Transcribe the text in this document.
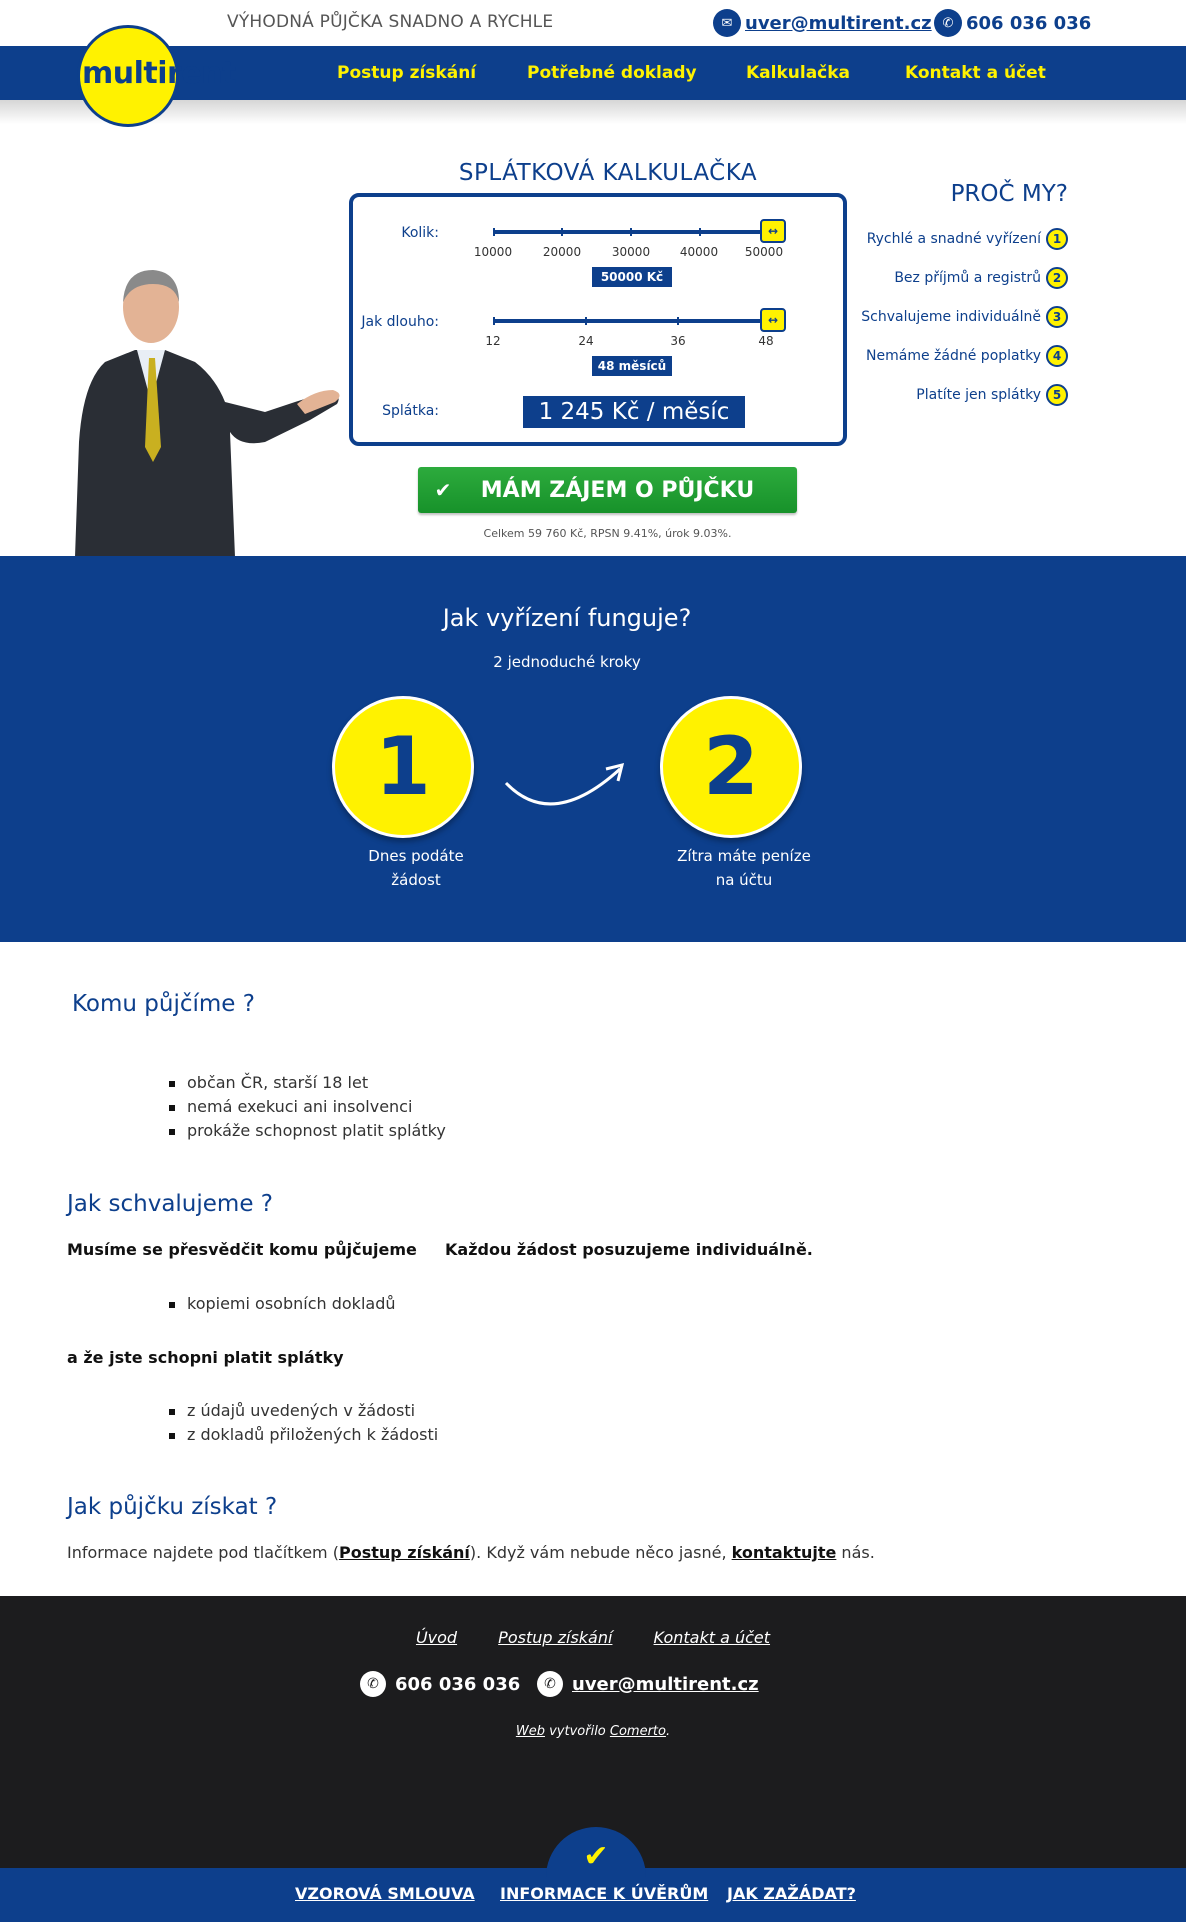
VÝHODNÁ PŮJČKA SNADNO A RYCHLE	✉ uver@multirent.cz ✆ 606 036 036
Postup získání	Potřebné doklady	Kalkulačka	Kontakt a účet
multirent
SPLÁTKOVÁ KALKULAČKA
Kolik:
10000	20000	30000	40000	50000
↔
50000 Kč
Jak dlouho:
12	24	36	48
↔
48 měsíců
Splátka:	1 245 Kč / měsíc
✔	MÁM ZÁJEM O PŮJČKU
Celkem 59 760 Kč, RPSN 9.41%, úrok 9.03%.
PROČ MY?
Rychlé a snadné vyřízení 1
Bez příjmů a registrů 2
Schvalujeme individuálně 3
Nemáme žádné poplatky 4
Platíte jen splátky 5
Jak vyřízení funguje?
2 jednoduché kroky
1
Dnes podáte
žádost
2
Zítra máte peníze
na účtu
Komu půjčíme ?
občan ČR, starší 18 let
nemá exekuci ani insolvenci
prokáže schopnost platit splátky
Jak schvalujeme ?
Musíme se přesvědčit komu půjčujeme Každou žádost posuzujeme individuálně.
kopiemi osobních dokladů
a že jste schopni platit splátky
z údajů uvedených v žádosti
z dokladů přiložených k žádosti
Jak půjčku získat ?
Informace najdete pod tlačítkem (Postup získání). Když vám nebude něco jasné, kontaktujte nás.
Úvod	Postup získání	Kontakt a účet
✆ 606 036 036	✆ uver@multirent.cz
Web vytvořilo Comerto.
✔
VZOROVÁ SMLOUVA INFORMACE K ÚVĚRŮM JAK ZAŽÁDAT?
